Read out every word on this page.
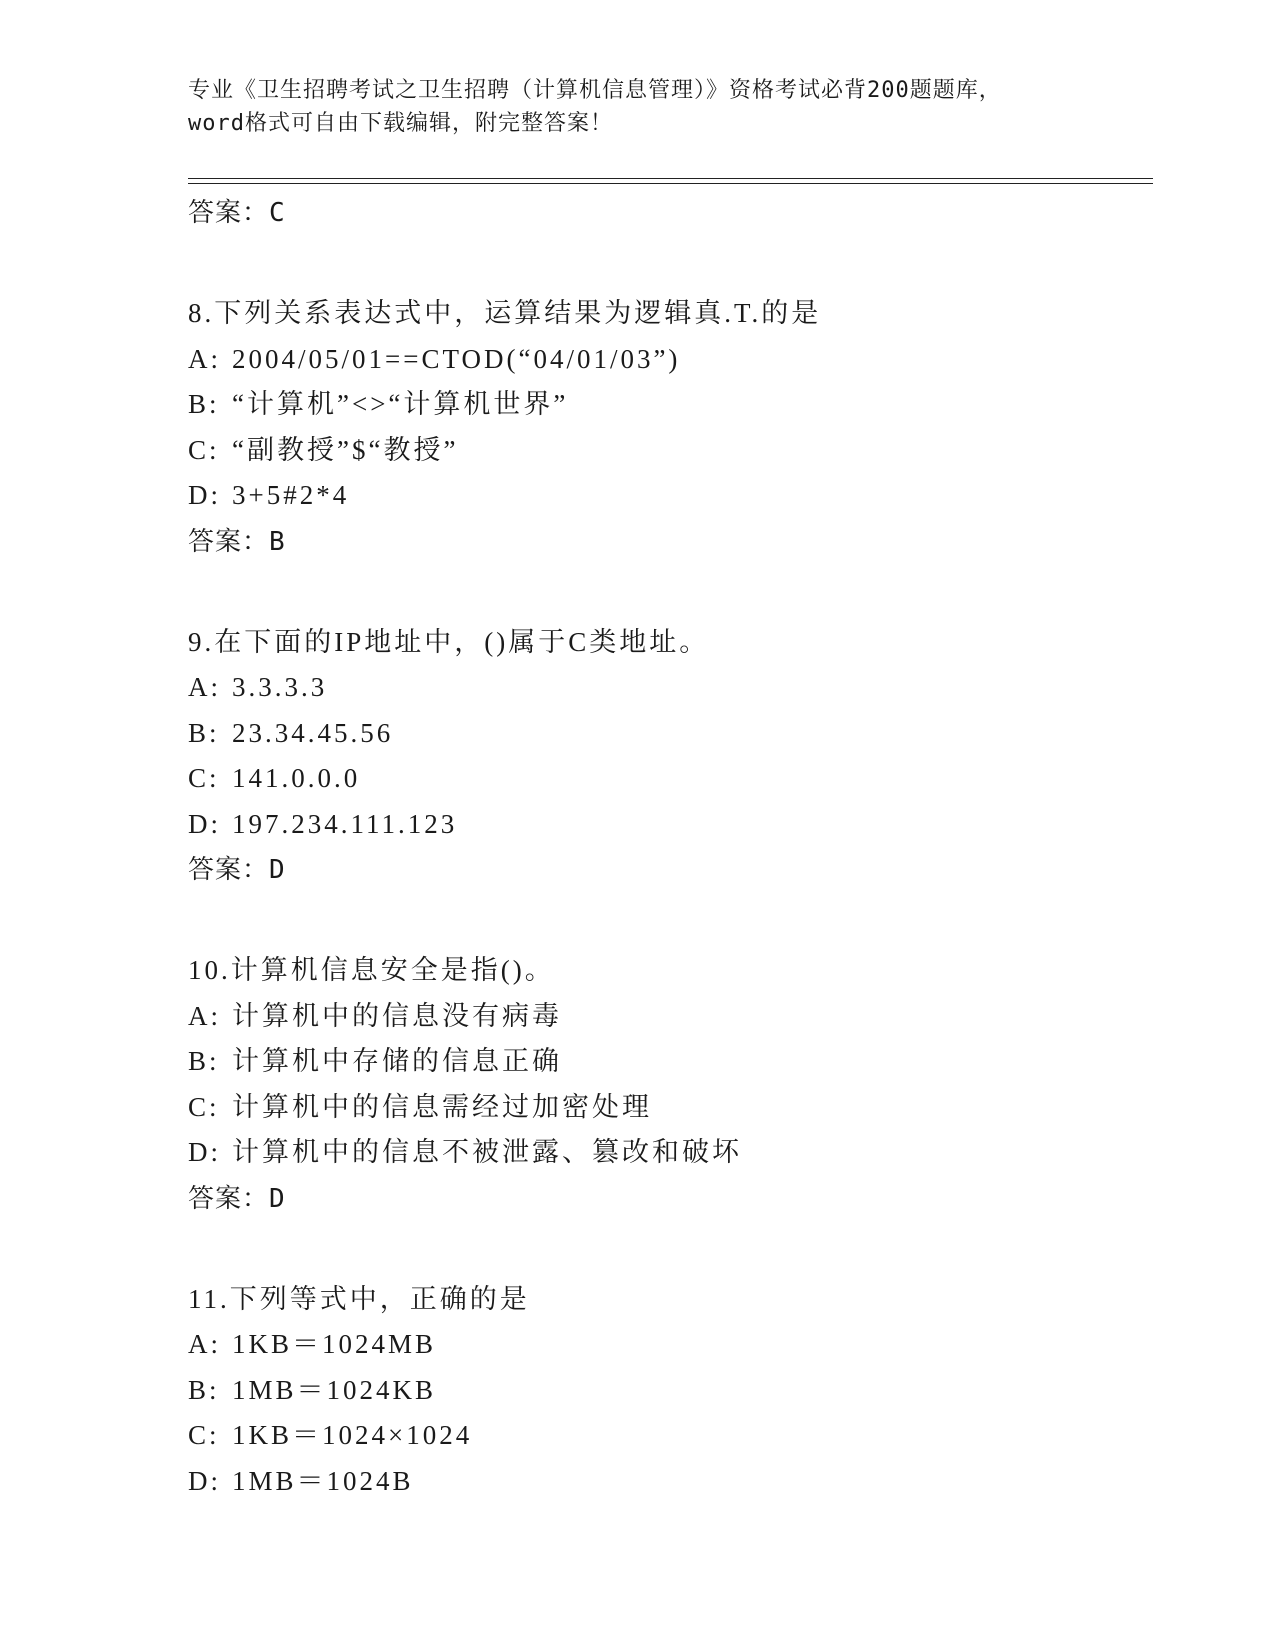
专业《卫生招聘考试之卫生招聘（计算机信息管理）》资格考试必背200题题库，
word格式可自由下载编辑，附完整答案！
答案：C
8.下列关系表达式中，运算结果为逻辑真.T.的是
A: 2004/05/01==CTOD(“04/01/03”)
B: “计算机”<>“计算机世界”
C: “副教授”$“教授”
D: 3+5#2*4
答案：B
9.在下面的IP地址中，()属于C类地址。
A: 3.3.3.3
B: 23.34.45.56
C: 141.0.0.0
D: 197.234.111.123
答案：D
10.计算机信息安全是指()。
A: 计算机中的信息没有病毒
B: 计算机中存储的信息正确
C: 计算机中的信息需经过加密处理
D: 计算机中的信息不被泄露、篡改和破坏
答案：D
11.下列等式中，正确的是
A: 1KB＝1024MB
B: 1MB＝1024KB
C: 1KB＝1024×1024
D: 1MB＝1024B
